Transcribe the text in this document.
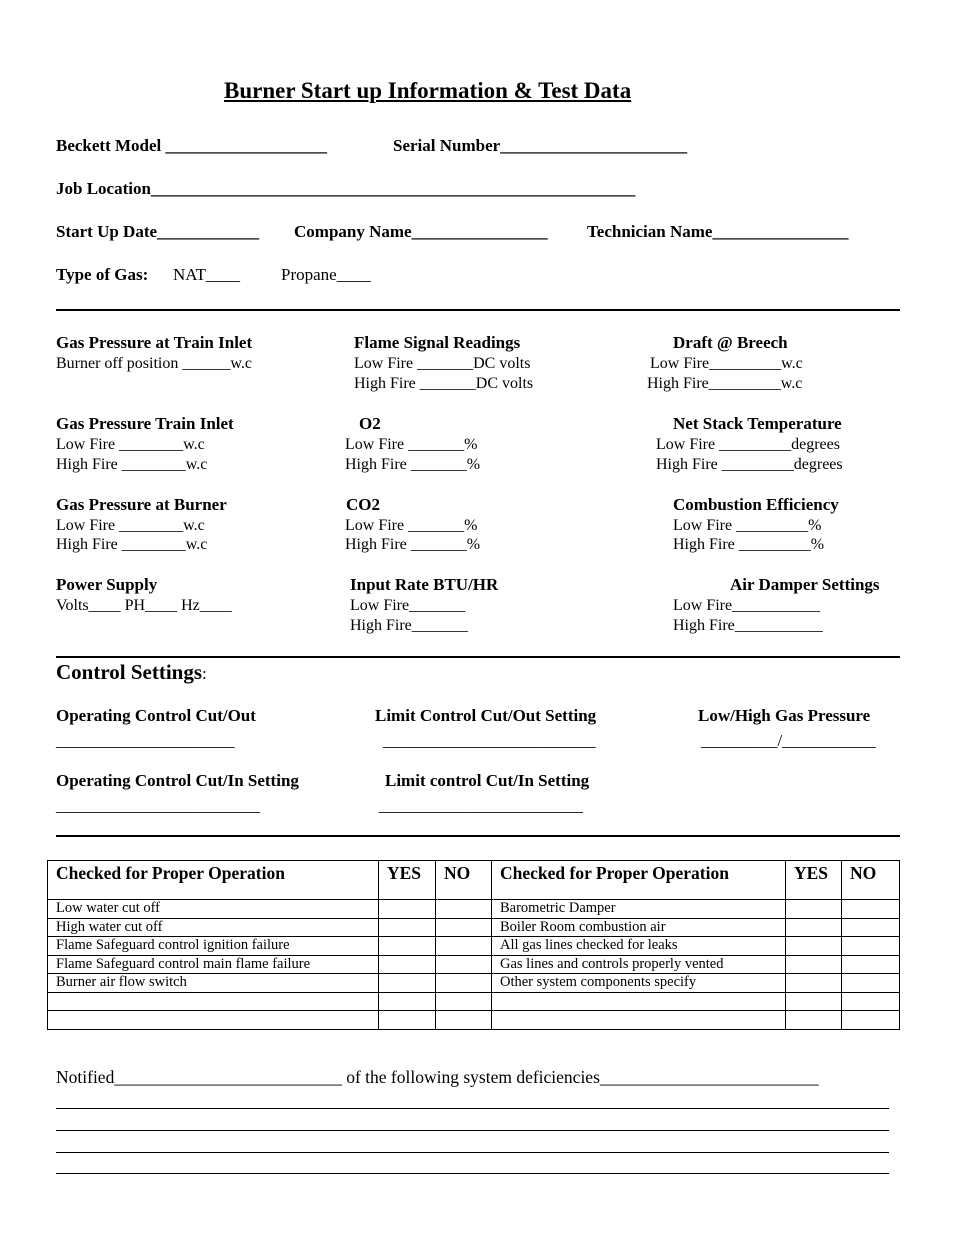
Burner Start up Information & Test Data
Beckett Model ___________________	Serial Number______________________
Job Location_________________________________________________________
Start Up Date____________ Company Name________________ Technician Name________________
Type of Gas: NAT____ Propane____
Gas Pressure at Train Inlet
Burner off position ______w.c
Flame Signal Readings
Low Fire _______DC volts
High Fire _______DC volts
Draft @ Breech
Low Fire_________w.c
High Fire_________w.c
Gas Pressure Train Inlet
Low Fire ________w.c
High Fire ________w.c
O2
Low Fire _______%
High Fire _______%
Net Stack Temperature
Low Fire _________degrees
High Fire _________degrees
Gas Pressure at Burner
Low Fire ________w.c
High Fire ________w.c
CO2
Low Fire _______%
High Fire _______%
Combustion Efficiency
Low Fire _________%
High Fire _________%
Power Supply
Volts____ PH____ Hz____
Input Rate BTU/HR
Low Fire_______
High Fire_______
Air Damper Settings
Low Fire___________
High Fire___________
Control Settings:
Operating Control Cut/Out
_____________________
Limit Control Cut/Out Setting
_________________________
Low/High Gas Pressure
_________/___________
Operating Control Cut/In Setting
________________________
Limit control Cut/In Setting
________________________
Checked for Proper Operation	YES	NO	Checked for Proper Operation	YES	NO
Low water cut off			Barometric Damper		
High water cut off			Boiler Room combustion air		
Flame Safeguard control ignition failure			All gas lines checked for leaks		
Flame Safeguard control main flame failure			Gas lines and controls properly vented		
Burner air flow switch			Other system components specify		

Notified__________________________ of the following system deficiencies_________________________
